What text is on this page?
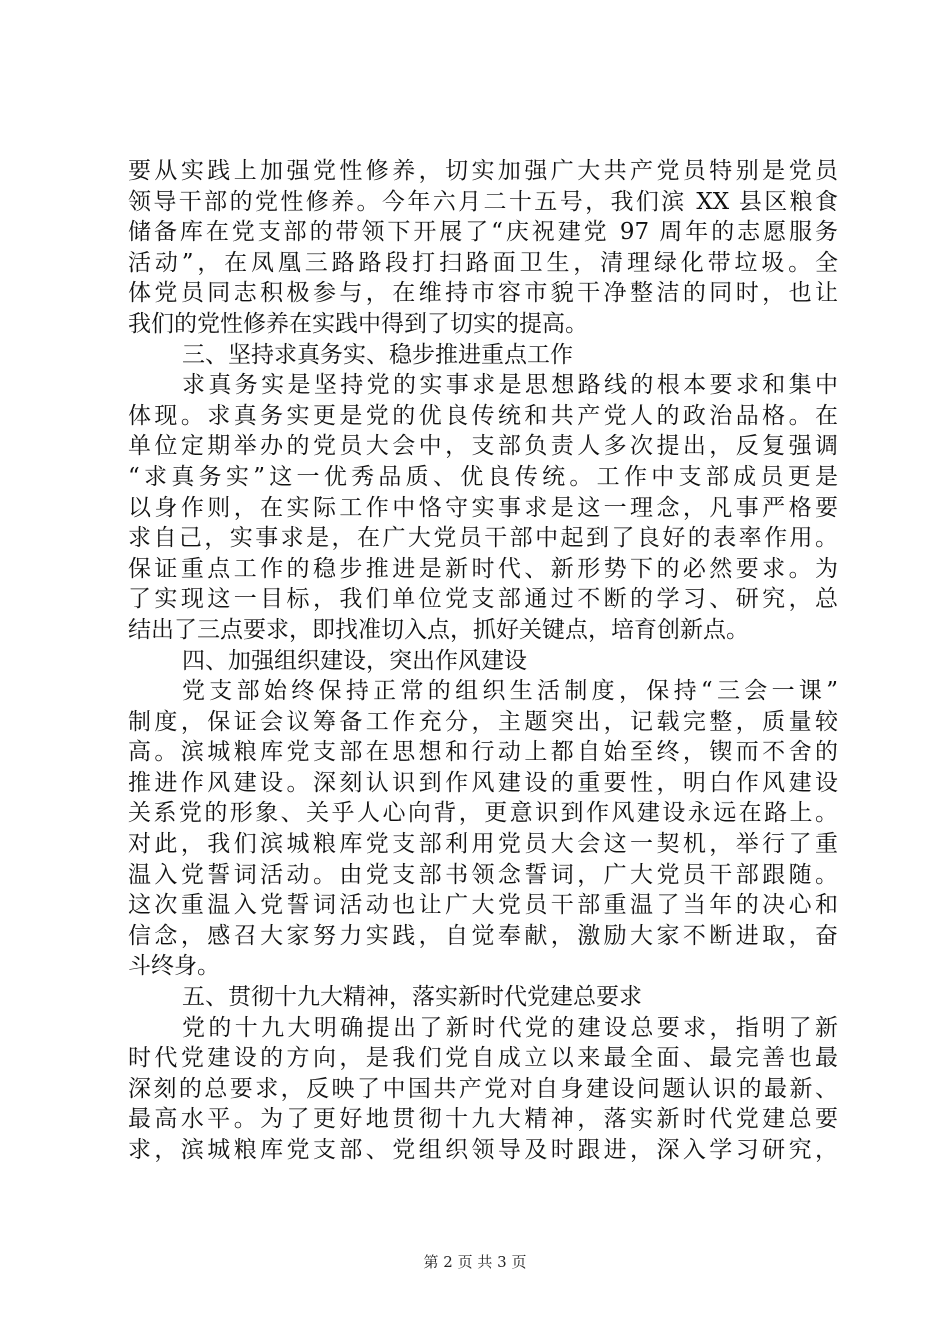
要从实践上加强党性修养，切实加强广大共产党员特别是党员
领导干部的党性修养。今年六月二十五号，我们滨 XX 县区粮食
储备库在党支部的带领下开展了“庆祝建党 97 周年的志愿服务
活动”，在凤凰三路路段打扫路面卫生，清理绿化带垃圾。全
体党员同志积极参与，在维持市容市貌干净整洁的同时，也让
我们的党性修养在实践中得到了切实的提高。
三、坚持求真务实、稳步推进重点工作
求真务实是坚持党的实事求是思想路线的根本要求和集中
体现。求真务实更是党的优良传统和共产党人的政治品格。在
单位定期举办的党员大会中，支部负责人多次提出，反复强调
“求真务实”这一优秀品质、优良传统。工作中支部成员更是
以身作则，在实际工作中恪守实事求是这一理念，凡事严格要
求自己，实事求是，在广大党员干部中起到了良好的表率作用。
保证重点工作的稳步推进是新时代、新形势下的必然要求。为
了实现这一目标，我们单位党支部通过不断的学习、研究，总
结出了三点要求，即找准切入点，抓好关键点，培育创新点。
四、加强组织建设，突出作风建设
党支部始终保持正常的组织生活制度，保持“三会一课”
制度，保证会议筹备工作充分，主题突出，记载完整，质量较
高。滨城粮库党支部在思想和行动上都自始至终，锲而不舍的
推进作风建设。深刻认识到作风建设的重要性，明白作风建设
关系党的形象、关乎人心向背，更意识到作风建设永远在路上。
对此，我们滨城粮库党支部利用党员大会这一契机，举行了重
温入党誓词活动。由党支部书领念誓词，广大党员干部跟随。
这次重温入党誓词活动也让广大党员干部重温了当年的决心和
信念，感召大家努力实践，自觉奉献，激励大家不断进取，奋
斗终身。
五、贯彻十九大精神，落实新时代党建总要求
党的十九大明确提出了新时代党的建设总要求，指明了新
时代党建设的方向，是我们党自成立以来最全面、最完善也最
深刻的总要求，反映了中国共产党对自身建设问题认识的最新、
最高水平。为了更好地贯彻十九大精神，落实新时代党建总要
求，滨城粮库党支部、党组织领导及时跟进，深入学习研究，
第 2 页 共 3 页
